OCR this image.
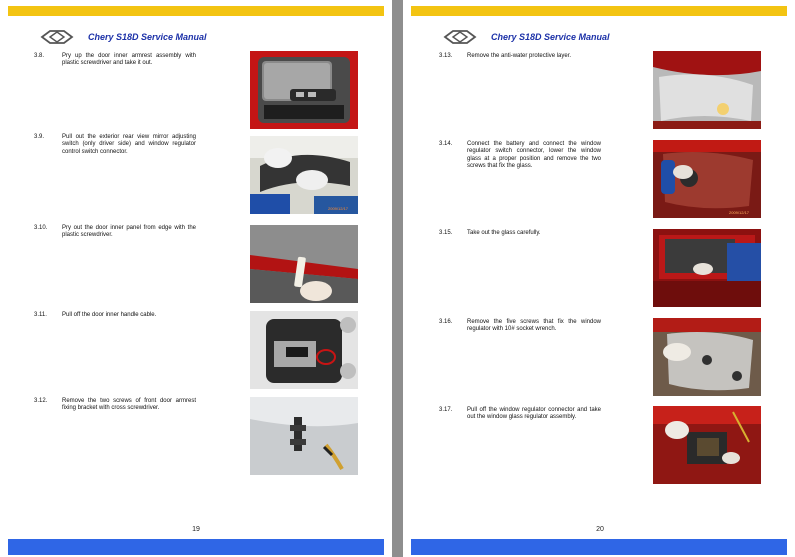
Chery S18D Service Manual
3.8.	Pry up the door inner armrest assembly with plastic screwdriver and take it out.
3.9.	Pull out the exterior rear view mirror adjusting switch (only driver side) and window regulator control switch connector.
2009/12/17
3.10.	Pry out the door inner panel from edge with the plastic screwdriver.
3.11.	Pull off the door inner handle cable.
3.12.	Remove the two screws of front door armrest fixing bracket with cross screwdriver.
19
Chery S18D Service Manual
3.13.	Remove the anti-water protective layer.
3.14.	Connect the battery and connect the window regulator switch connector, lower the window glass at a proper position and remove the two screws that fix the glass.
2009/12/17
3.15.	Take out the glass carefully.
3.16.	Remove the five screws that fix the window regulator with 10# socket wrench.
3.17.	Pull off the window regulator connector and take out the window glass regulator assembly.
20
